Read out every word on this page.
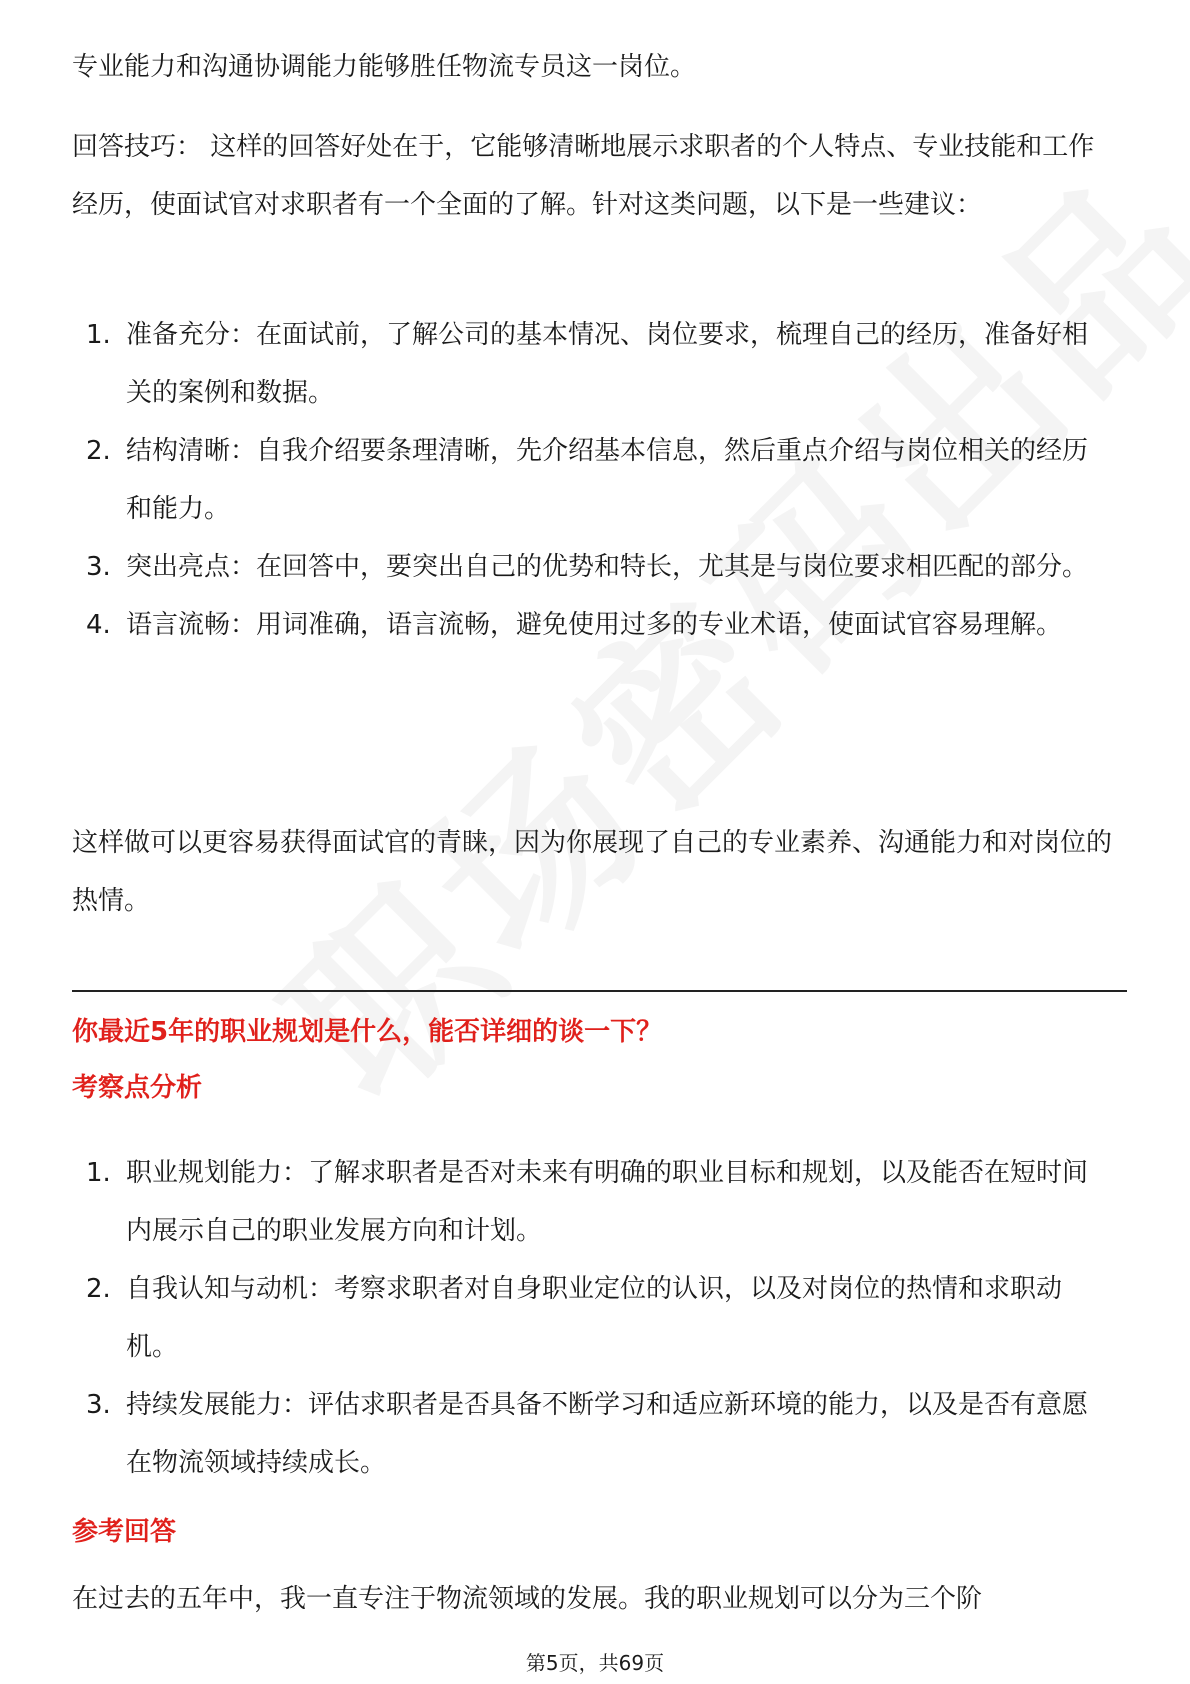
专业能力和沟通协调能力能够胜任物流专员这一岗位。

回答技巧： 这样的回答好处在于，它能够清晰地展示求职者的个人特点、专业技能和工作经历，使面试官对求职者有一个全面的了解。针对这类问题，以下是一些建议：

1. 准备充分：在面试前，了解公司的基本情况、岗位要求，梳理自己的经历，准备好相关的案例和数据。
2. 结构清晰：自我介绍要条理清晰，先介绍基本信息，然后重点介绍与岗位相关的经历和能力。
3. 突出亮点：在回答中，要突出自己的优势和特长，尤其是与岗位要求相匹配的部分。
4. 语言流畅：用词准确，语言流畅，避免使用过多的专业术语，使面试官容易理解。

这样做可以更容易获得面试官的青睐，因为你展现了自己的专业素养、沟通能力和对岗位的热情。

你最近5年的职业规划是什么，能否详细的谈一下？
考察点分析
1. 职业规划能力：了解求职者是否对未来有明确的职业目标和规划，以及能否在短时间内展示自己的职业发展方向和计划。
2. 自我认知与动机：考察求职者对自身职业定位的认识，以及对岗位的热情和求职动机。
3. 持续发展能力：评估求职者是否具备不断学习和适应新环境的能力，以及是否有意愿在物流领域持续成长。
参考回答

在过去的五年中，我一直专注于物流领域的发展。我的职业规划可以分为三个阶

第5页，共69页
